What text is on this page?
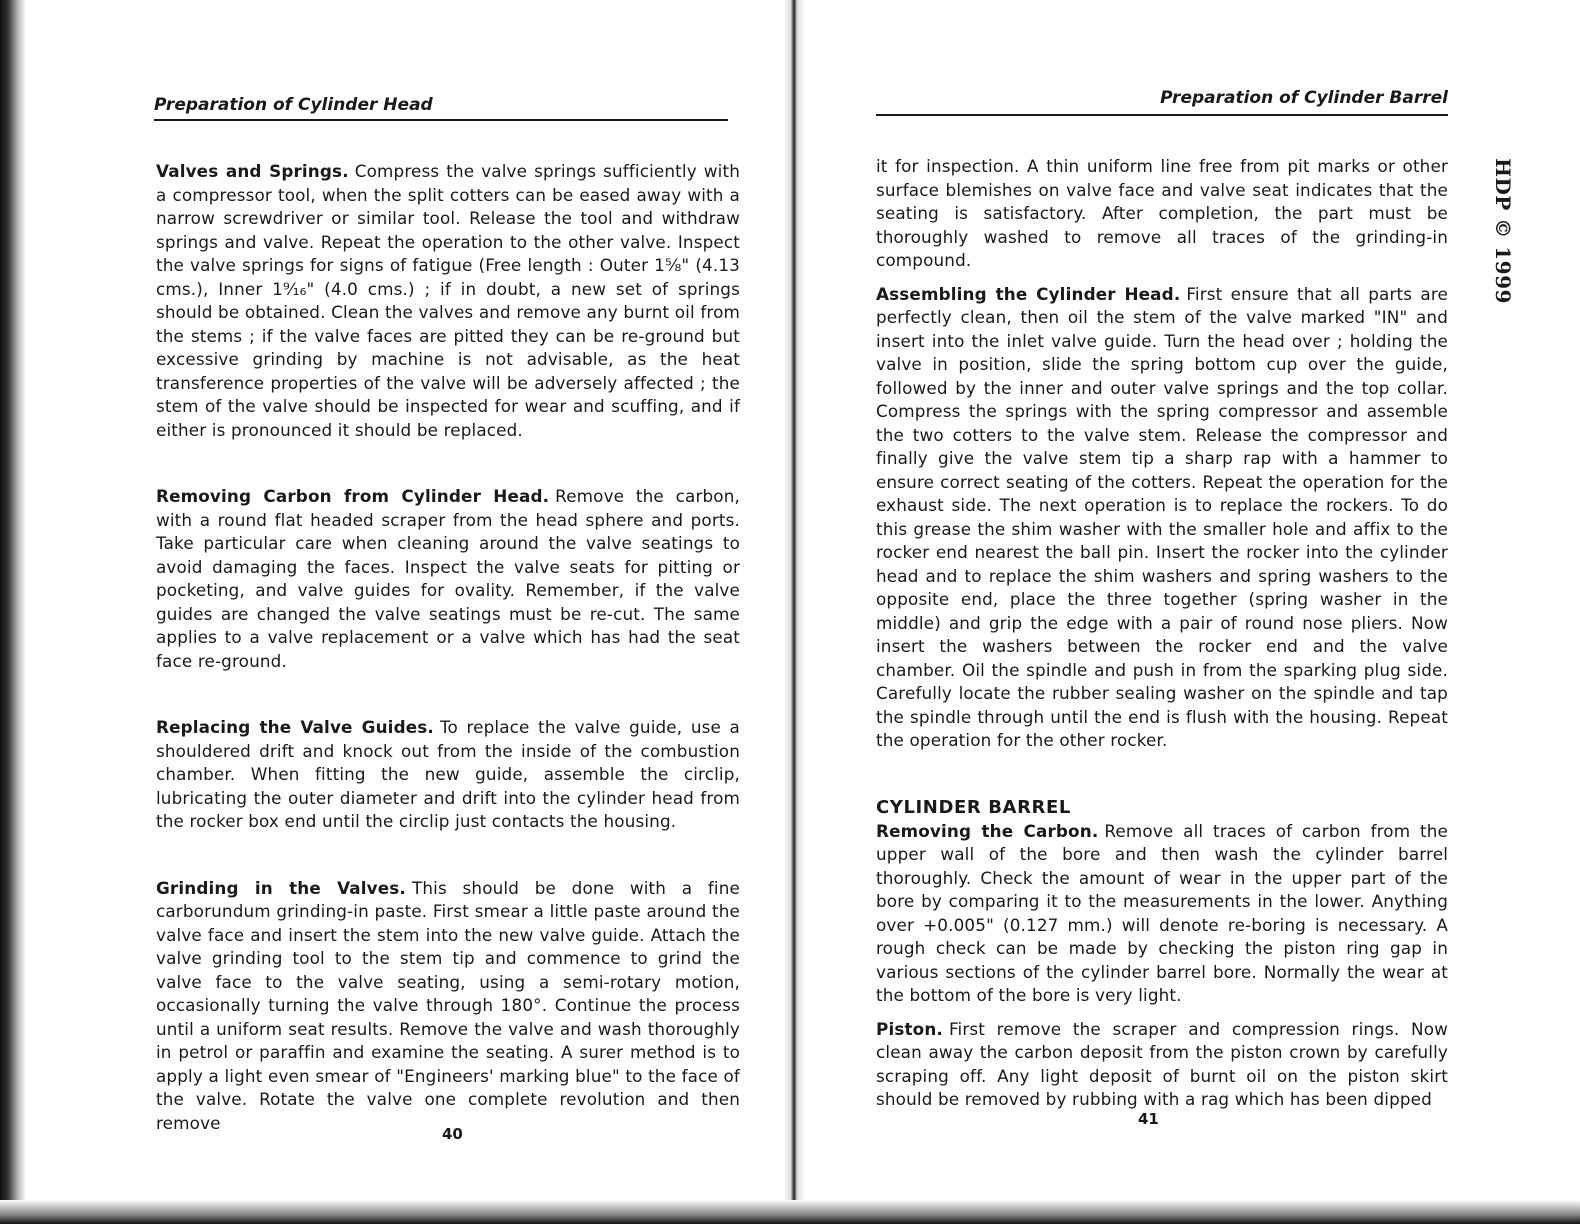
Preparation of Cylinder Head

Valves and Springs. Compress the valve springs sufficiently with a compressor tool, when the split cotters can be eased away with a narrow screwdriver or similar tool. Release the tool and withdraw springs and valve. Repeat the operation to the other valve. Inspect the valve springs for signs of fatigue (Free length : Outer 1⅝" (4.13 cms.), Inner 1⁹⁄₁₆" (4.0 cms.) ; if in doubt, a new set of springs should be obtained. Clean the valves and remove any burnt oil from the stems ; if the valve faces are pitted they can be re-ground but excessive grinding by machine is not advisable, as the heat transference properties of the valve will be adversely affected ; the stem of the valve should be inspected for wear and scuffing, and if either is pronounced it should be replaced.

Removing Carbon from Cylinder Head. Remove the carbon, with a round flat headed scraper from the head sphere and ports. Take particular care when cleaning around the valve seatings to avoid damaging the faces. Inspect the valve seats for pitting or pocketing, and valve guides for ovality. Remember, if the valve guides are changed the valve seatings must be re-cut. The same applies to a valve replacement or a valve which has had the seat face re-ground.

Replacing the Valve Guides. To replace the valve guide, use a shouldered drift and knock out from the inside of the combustion chamber. When fitting the new guide, assemble the circlip, lubricating the outer diameter and drift into the cylinder head from the rocker box end until the circlip just contacts the housing.

Grinding in the Valves. This should be done with a fine carborundum grinding-in paste. First smear a little paste around the valve face and insert the stem into the new valve guide. Attach the valve grinding tool to the stem tip and commence to grind the valve face to the valve seating, using a semi-rotary motion, occasionally turning the valve through 180°. Continue the process until a uniform seat results. Remove the valve and wash thoroughly in petrol or paraffin and examine the seating. A surer method is to apply a light even smear of "Engineers' marking blue" to the face of the valve. Rotate the valve one complete revolution and then remove

40
Preparation of Cylinder Barrel

it for inspection. A thin uniform line free from pit marks or other surface blemishes on valve face and valve seat indicates that the seating is satisfactory. After completion, the part must be thoroughly washed to remove all traces of the grinding-in compound.

Assembling the Cylinder Head. First ensure that all parts are perfectly clean, then oil the stem of the valve marked "IN" and insert into the inlet valve guide. Turn the head over ; holding the valve in position, slide the spring bottom cup over the guide, followed by the inner and outer valve springs and the top collar. Compress the springs with the spring compressor and assemble the two cotters to the valve stem. Release the compressor and finally give the valve stem tip a sharp rap with a hammer to ensure correct seating of the cotters. Repeat the operation for the exhaust side. The next operation is to replace the rockers. To do this grease the shim washer with the smaller hole and affix to the rocker end nearest the ball pin. Insert the rocker into the cylinder head and to replace the shim washers and spring washers to the opposite end, place the three together (spring washer in the middle) and grip the edge with a pair of round nose pliers. Now insert the washers between the rocker end and the valve chamber. Oil the spindle and push in from the sparking plug side. Carefully locate the rubber sealing washer on the spindle and tap the spindle through until the end is flush with the housing. Repeat the operation for the other rocker.

CYLINDER BARREL

Removing the Carbon. Remove all traces of carbon from the upper wall of the bore and then wash the cylinder barrel thoroughly. Check the amount of wear in the upper part of the bore by comparing it to the measurements in the lower. Anything over +0.005" (0.127 mm.) will denote re-boring is necessary. A rough check can be made by checking the piston ring gap in various sections of the cylinder barrel bore. Normally the wear at the bottom of the bore is very light.

Piston. First remove the scraper and compression rings. Now clean away the carbon deposit from the piston crown by carefully scraping off. Any light deposit of burnt oil on the piston skirt should be removed by rubbing with a rag which has been dipped

41
HDP © 1999
